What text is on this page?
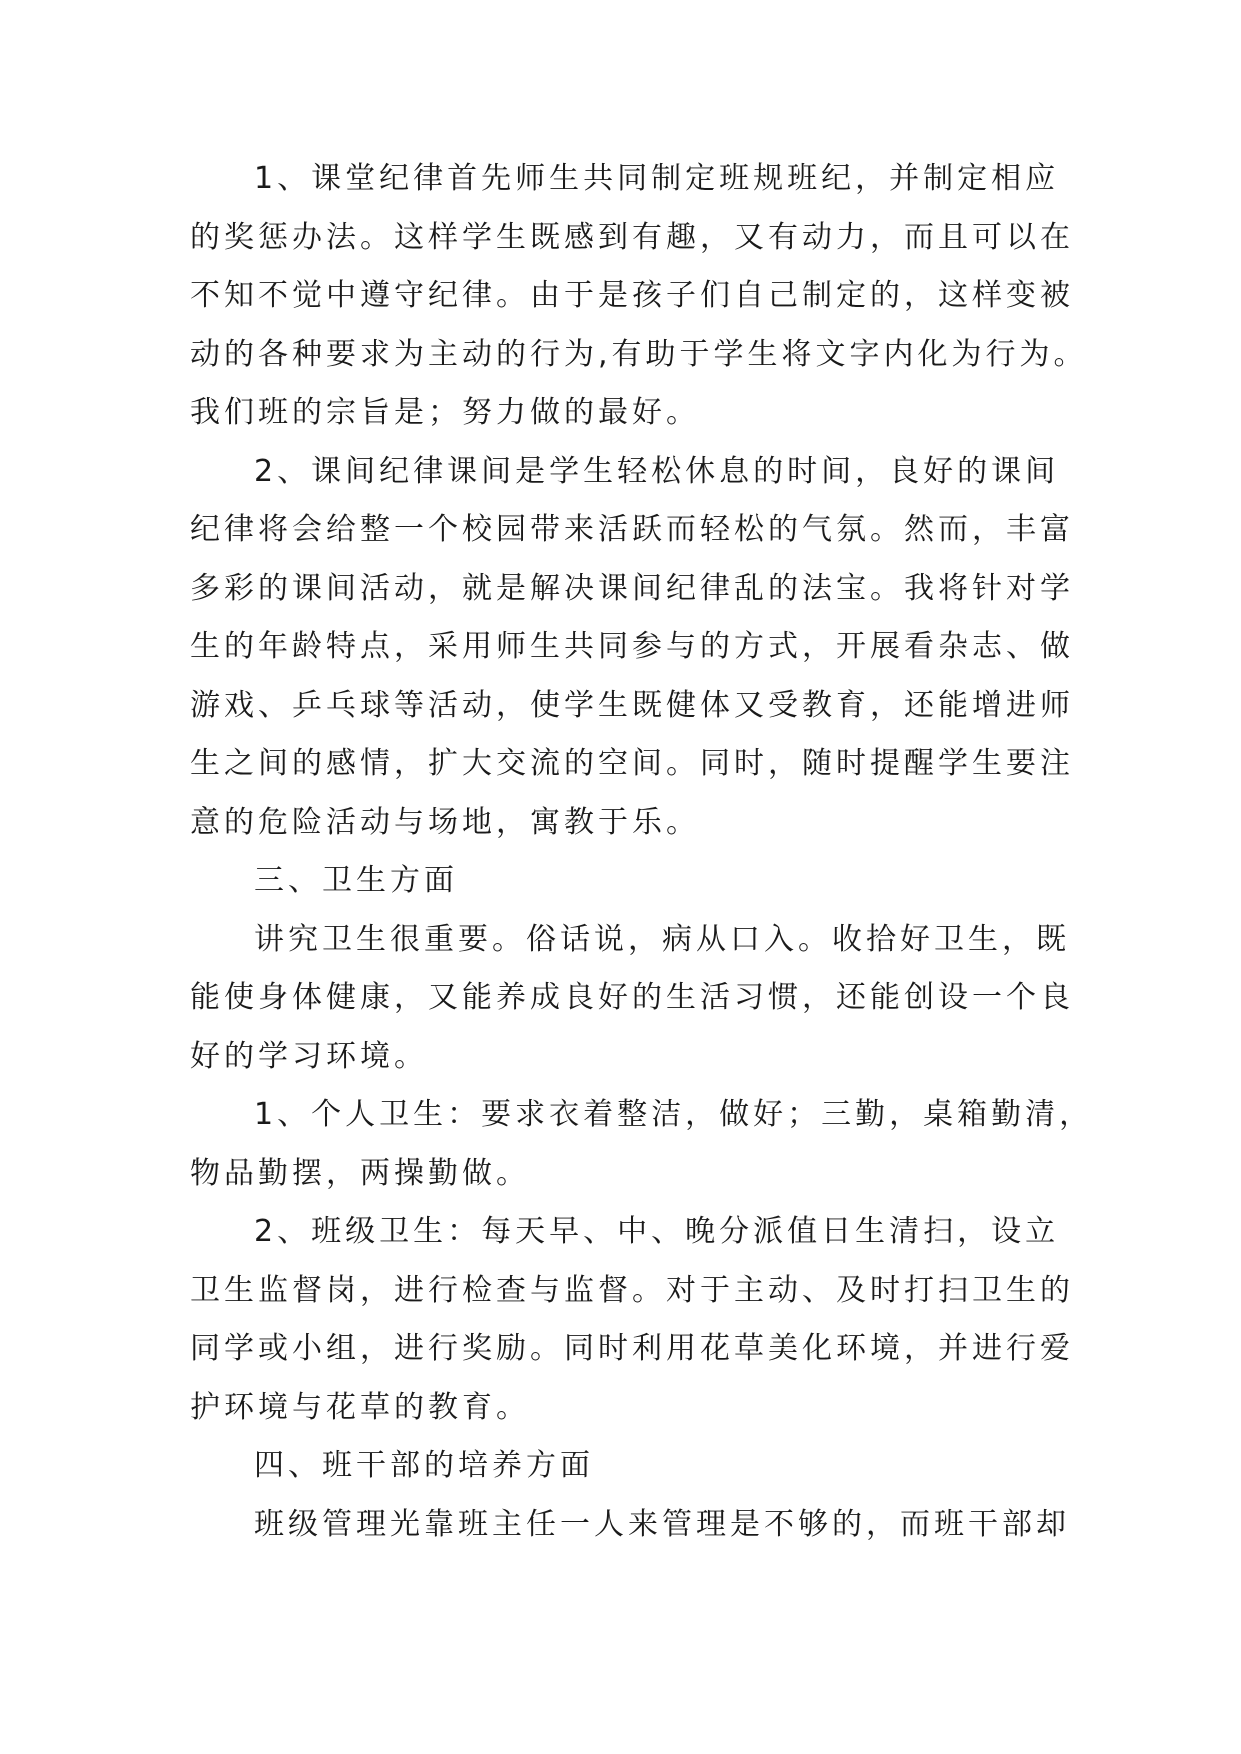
1、课堂纪律首先师生共同制定班规班纪，并制定相应
的奖惩办法。这样学生既感到有趣，又有动力，而且可以在
不知不觉中遵守纪律。由于是孩子们自己制定的，这样变被
动的各种要求为主动的行为,有助于学生将文字内化为行为。
我们班的宗旨是；努力做的最好。
2、课间纪律课间是学生轻松休息的时间，良好的课间
纪律将会给整一个校园带来活跃而轻松的气氛。然而，丰富
多彩的课间活动，就是解决课间纪律乱的法宝。我将针对学
生的年龄特点，采用师生共同参与的方式，开展看杂志、做
游戏、乒乓球等活动，使学生既健体又受教育，还能增进师
生之间的感情，扩大交流的空间。同时，随时提醒学生要注
意的危险活动与场地，寓教于乐。
三、卫生方面
讲究卫生很重要。俗话说，病从口入。收拾好卫生，既
能使身体健康，又能养成良好的生活习惯，还能创设一个良
好的学习环境。
1、个人卫生：要求衣着整洁，做好；三勤，桌箱勤清，
物品勤摆，两操勤做。
2、班级卫生：每天早、中、晚分派值日生清扫，设立
卫生监督岗，进行检查与监督。对于主动、及时打扫卫生的
同学或小组，进行奖励。同时利用花草美化环境，并进行爱
护环境与花草的教育。
四、班干部的培养方面
班级管理光靠班主任一人来管理是不够的，而班干部却
